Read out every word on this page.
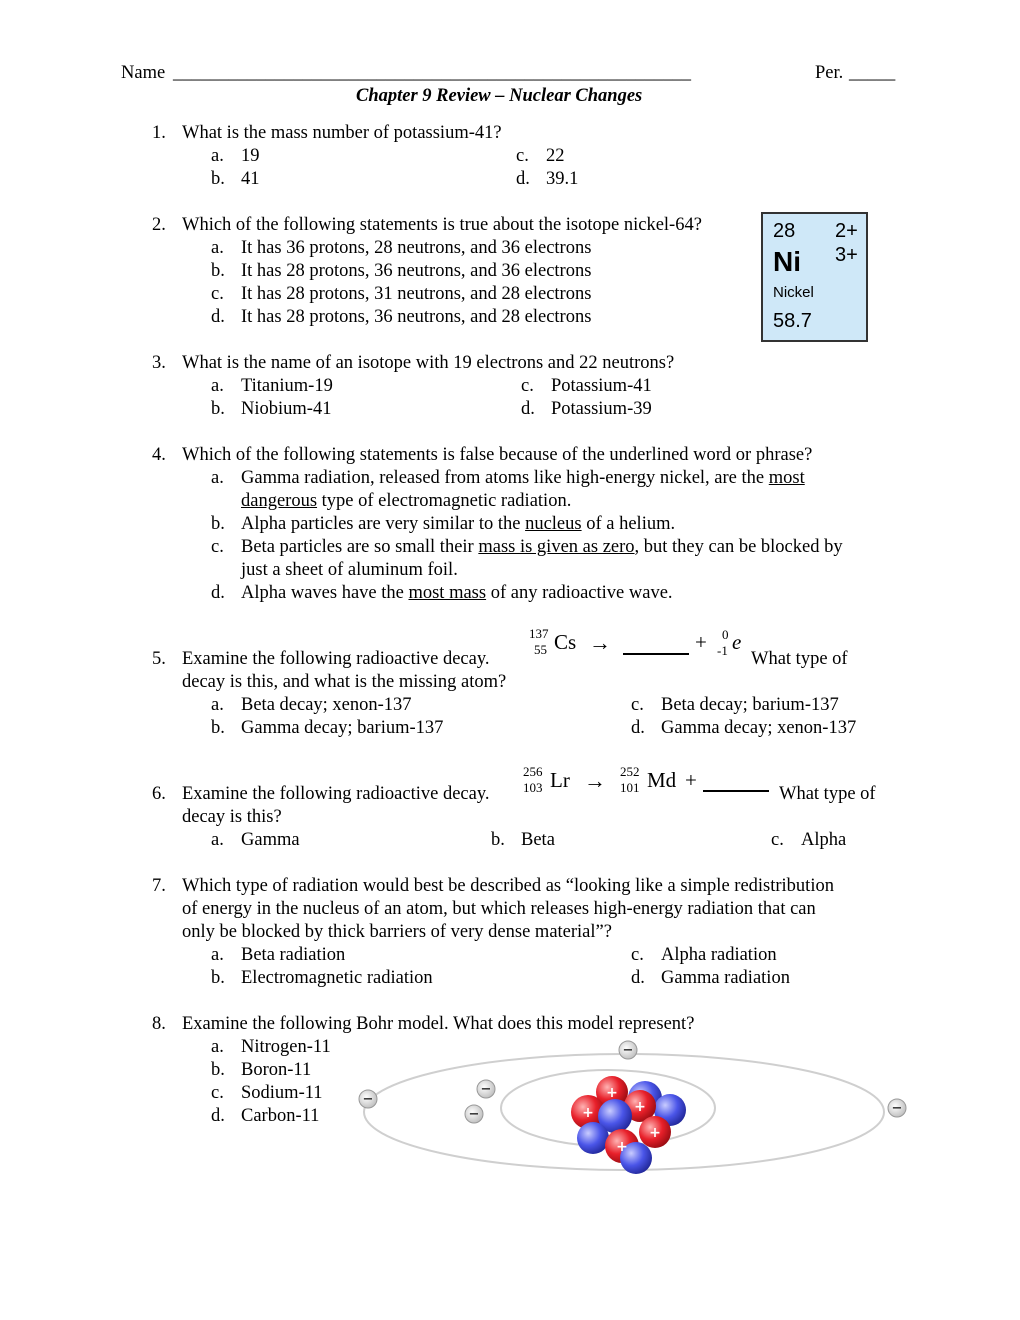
Name ________________________________________________________	Per. _____
Chapter 9 Review – Nuclear Changes
1. What is the mass number of potassium-41?
a. 19
b. 41
c. 22
d. 39.1
2. Which of the following statements is true about the isotope nickel-64?
a. It has 36 protons, 28 neutrons, and 36 electrons
b. It has 28 protons, 36 neutrons, and 36 electrons
c. It has 28 protons, 31 neutrons, and 28 electrons
d. It has 28 protons, 36 neutrons, and 28 electrons
28 2+
3+
Ni
Nickel
58.7
3. What is the name of an isotope with 19 electrons and 22 neutrons?
a. Titanium-19
b. Niobium-41
c. Potassium-41
d. Potassium-39
4. Which of the following statements is false because of the underlined word or phrase?
a. Gamma radiation, released from atoms like high-energy nickel, are the most
dangerous type of electromagnetic radiation.
b. Alpha particles are very similar to the nucleus of a helium.
c. Beta particles are so small their mass is given as zero, but they can be blocked by
just a sheet of aluminum foil.
d. Alpha waves have the most mass of any radioactive wave.
5. Examine the following radioactive decay.
137
55 Cs →	+ 0
-1 e
What type of
decay is this, and what is the missing atom?
a. Beta decay; xenon-137
b. Gamma decay; barium-137
c. Beta decay; barium-137
d. Gamma decay; xenon-137
6. Examine the following radioactive decay.
256
103 Lr → 252
101 Md +
What type of
decay is this?
a. Gamma	b. Beta	c. Alpha
7. Which type of radiation would best be described as “looking like a simple redistribution
of energy in the nucleus of an atom, but which releases high-energy radiation that can
only be blocked by thick barriers of very dense material”?
a. Beta radiation
b. Electromagnetic radiation
c. Alpha radiation
d. Gamma radiation
8. Examine the following Bohr model. What does this model represent?
a. Nitrogen-11
b. Boron-11
c. Sodium-11
d. Carbon-11
+
+
+
+
+
−
−
−
−	−
